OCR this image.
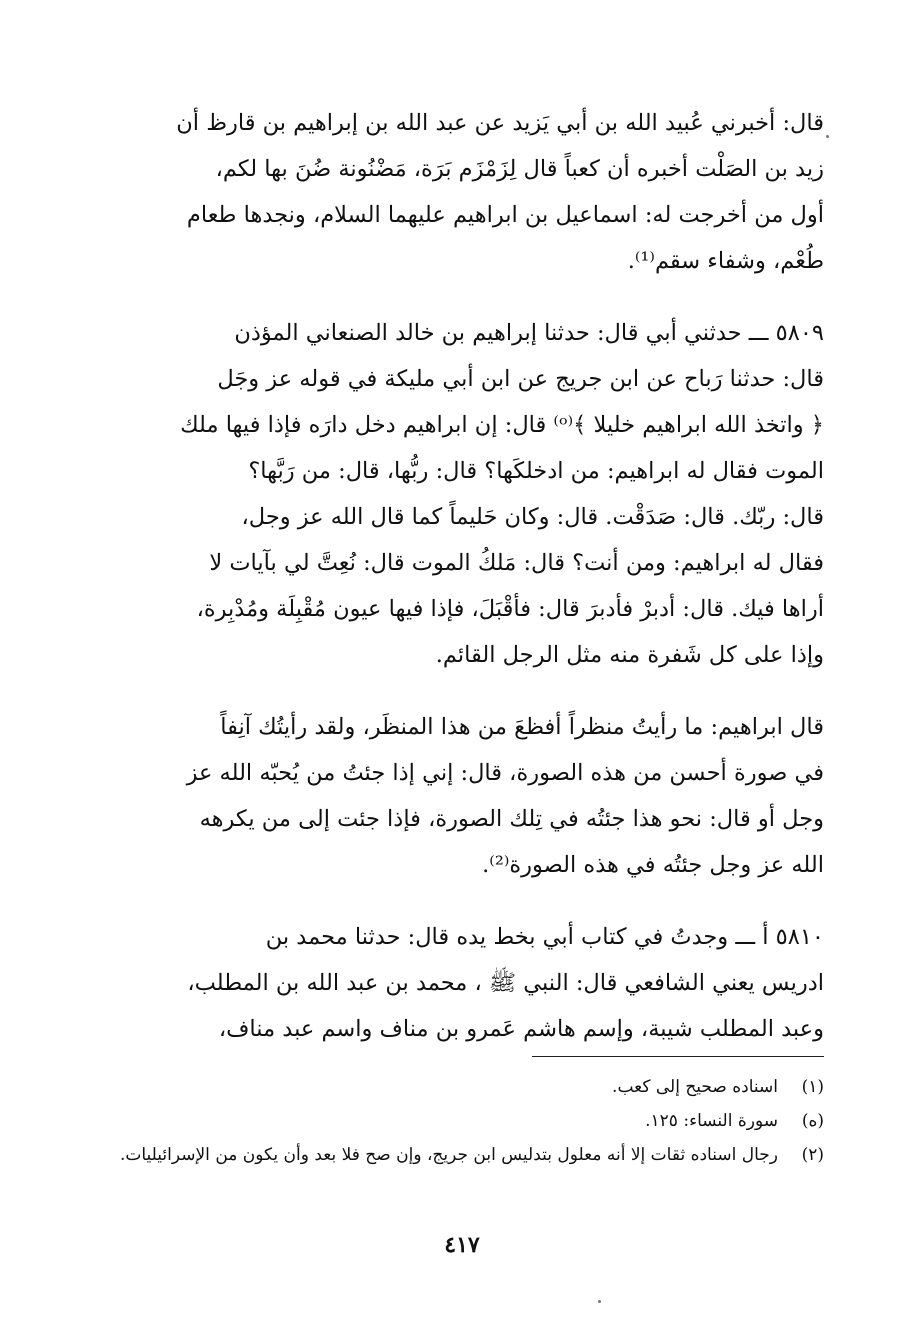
قال: أخبرني عُبيد الله بن أبي يَزيد عن عبد الله بن إبراهيم بن قارظ أن
زيد بن الصَلْت أخبره أن كعباً قال لِزَمْزَم بَرَة، مَضْنُونة ضُنَ بها لكم،
أول من أخرجت له: اسماعيل بن ابراهيم عليهما السلام، ونجدها طعام
طُعْم، وشفاء سقم⁽¹⁾.

٥٨٠٩ ـــ حدثني أبي قال: حدثنا إبراهيم بن خالد الصنعاني المؤذن
قال: حدثنا رَباح عن ابن جريج عن ابن أبي مليكة في قوله عز وجَل
﴿ واتخذ الله ابراهيم خليلا ﴾⁽ᵒ⁾ قال: إن ابراهيم دخل دارَه فإذا فيها ملك
الموت فقال له ابراهيم: من ادخلكَها؟ قال: ربُّها، قال: من رَبَّها؟
قال: ربّك. قال: صَدَقْت. قال: وكان حَليماً كما قال الله عز وجل،
فقال له ابراهيم: ومن أنت؟ قال: مَلكُ الموت قال: نُعِتَّ لي بآيات لا
أراها فيك. قال: أدبرْ فأدبرَ قال: فأقْبَلَ، فإذا فيها عيون مُقْبِلَة ومُدْبِرة،
وإذا على كل شَفرة منه مثل الرجل القائم.

قال ابراهيم: ما رأيتُ منظراً أفظعَ من هذا المنظَر، ولقد رأيتُك آنِفاً
في صورة أحسن من هذه الصورة، قال: إني إذا جئتُ من يُحبّه الله عز
وجل أو قال: نحو هذا جئتُه في تِلك الصورة، فإذا جئت إلى من يكرهه
الله عز وجل جئتُه في هذه الصورة⁽²⁾.

٥٨١٠ أ ـــ وجدتُ في كتاب أبي بخط يده قال: حدثنا محمد بن
ادريس يعني الشافعي قال: النبي ﷺ ، محمد بن عبد الله بن المطلب،
وعبد المطلب شيبة، وإسم هاشم عَمرو بن مناف واسم عبد مناف،

(١)
اسناده صحيح إلى كعب.
(ه)
سورة النساء: ١٢٥.
(٢)
رجال اسناده ثقات إلا أنه معلول بتدليس ابن جريج، وإن صح فلا بعد وأن يكون من الإسرائيليات.
٤١٧
